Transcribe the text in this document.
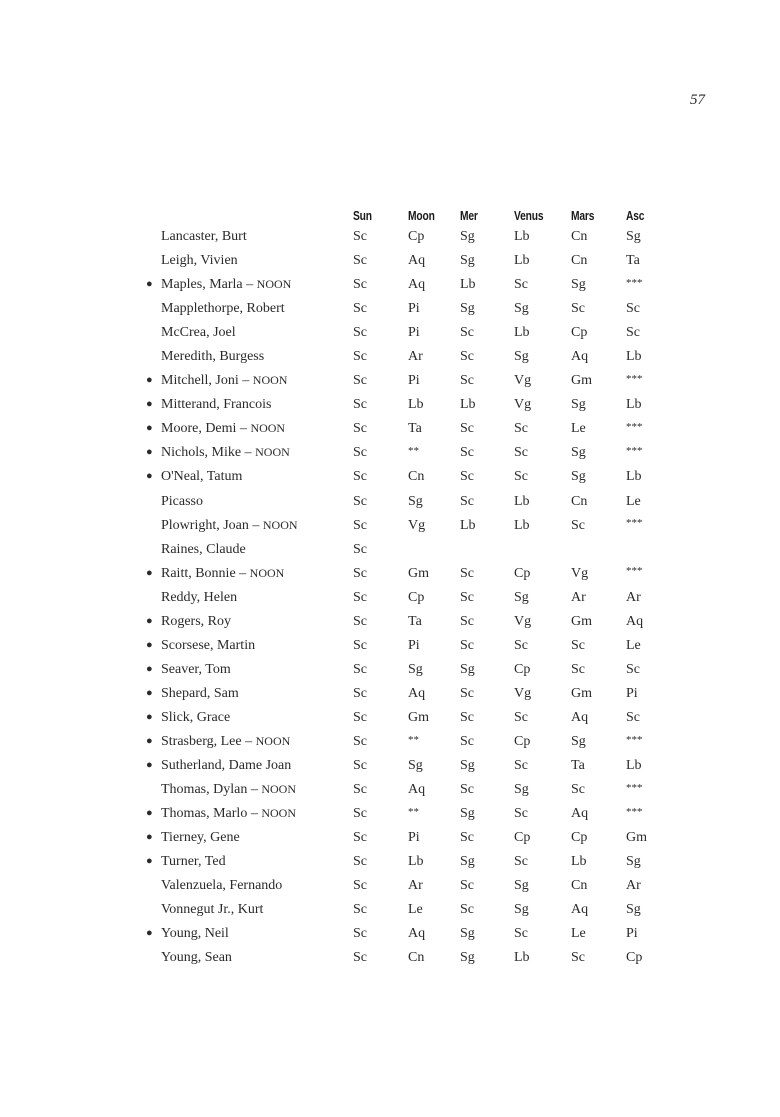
57
	Sun	Moon	Mer	Venus	Mars	Asc
Lancaster, Burt	Sc	Cp	Sg	Lb	Cn	Sg
Leigh, Vivien	Sc	Aq	Sg	Lb	Cn	Ta
● Maples, Marla – NOON	Sc	Aq	Lb	Sc	Sg	***
Mapplethorpe, Robert	Sc	Pi	Sg	Sg	Sc	Sc
McCrea, Joel	Sc	Pi	Sc	Lb	Cp	Sc
Meredith, Burgess	Sc	Ar	Sc	Sg	Aq	Lb
● Mitchell, Joni – NOON	Sc	Pi	Sc	Vg	Gm	***
● Mitterand, Francois	Sc	Lb	Lb	Vg	Sg	Lb
● Moore, Demi – NOON	Sc	Ta	Sc	Sc	Le	***
● Nichols, Mike – NOON	Sc	**	Sc	Sc	Sg	***
● O'Neal, Tatum	Sc	Cn	Sc	Sc	Sg	Lb
Picasso	Sc	Sg	Sc	Lb	Cn	Le
Plowright, Joan – NOON	Sc	Vg	Lb	Lb	Sc	***
Raines, Claude	Sc					
● Raitt, Bonnie – NOON	Sc	Gm	Sc	Cp	Vg	***
Reddy, Helen	Sc	Cp	Sc	Sg	Ar	Ar
● Rogers, Roy	Sc	Ta	Sc	Vg	Gm	Aq
● Scorsese, Martin	Sc	Pi	Sc	Sc	Sc	Le
● Seaver, Tom	Sc	Sg	Sg	Cp	Sc	Sc
● Shepard, Sam	Sc	Aq	Sc	Vg	Gm	Pi
● Slick, Grace	Sc	Gm	Sc	Sc	Aq	Sc
● Strasberg, Lee – NOON	Sc	**	Sc	Cp	Sg	***
● Sutherland, Dame Joan	Sc	Sg	Sg	Sc	Ta	Lb
Thomas, Dylan – NOON	Sc	Aq	Sc	Sg	Sc	***
● Thomas, Marlo – NOON	Sc	**	Sg	Sc	Aq	***
● Tierney, Gene	Sc	Pi	Sc	Cp	Cp	Gm
● Turner, Ted	Sc	Lb	Sg	Sc	Lb	Sg
Valenzuela, Fernando	Sc	Ar	Sc	Sg	Cn	Ar
Vonnegut Jr., Kurt	Sc	Le	Sc	Sg	Aq	Sg
● Young, Neil	Sc	Aq	Sg	Sc	Le	Pi
Young, Sean	Sc	Cn	Sg	Lb	Sc	Cp
